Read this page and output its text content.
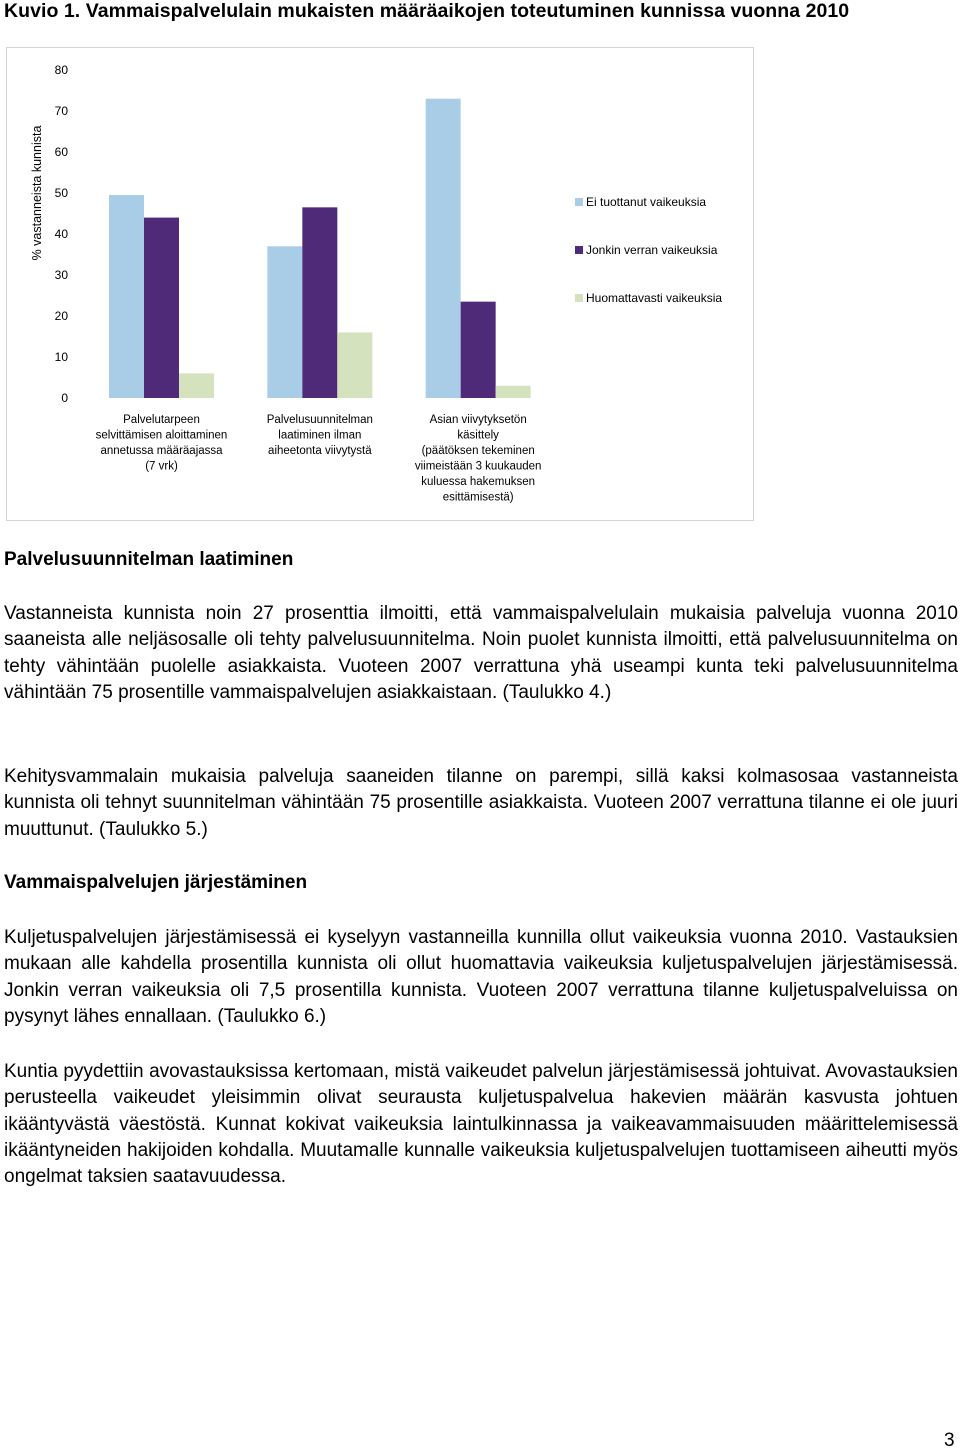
Kuvio 1. Vammaispalvelulain mukaisten määräaikojen toteutuminen kunnissa vuonna 2010
0
10
20
30
40
50
60
70
80
% vastanneista kunnista
Palvelutarpeen selvittämisen aloittaminen annetussa määräajassa (7 vrk)
Palvelusuunnitelman laatiminen ilman aiheetonta viivytystä
Asian viivytyksetön käsittely (päätöksen tekeminen viimeistään 3 kuukauden kuluessa hakemuksen esittämisestä)
Ei tuottanut vaikeuksia
Jonkin verran vaikeuksia
Huomattavasti vaikeuksia
Palvelusuunnitelman laatiminen

Vastanneista kunnista noin 27 prosenttia ilmoitti, että vammaispalvelulain mukaisia palveluja vuonna 2010 saaneista alle neljäsosalle oli tehty palvelusuunnitelma. Noin puolet kunnista ilmoitti, että palvelusuunnitelma on tehty vähintään puolelle asiakkaista. Vuoteen 2007 verrattuna yhä useampi kunta teki palvelusuunnitelma vähintään 75 prosentille vammaispalvelujen asiakkaistaan. (Taulukko 4.)

Kehitysvammalain mukaisia palveluja saaneiden tilanne on parempi, sillä kaksi kolmasosaa vastanneista kunnista oli tehnyt suunnitelman vähintään 75 prosentille asiakkaista. Vuoteen 2007 verrattuna tilanne ei ole juuri muuttunut. (Taulukko 5.)

Vammaispalvelujen järjestäminen

Kuljetuspalvelujen järjestämisessä ei kyselyyn vastanneilla kunnilla ollut vaikeuksia vuonna 2010. Vastauksien mukaan alle kahdella prosentilla kunnista oli ollut huomattavia vaikeuksia kuljetuspalvelujen järjestämisessä. Jonkin verran vaikeuksia oli 7,5 prosentilla kunnista. Vuoteen 2007 verrattuna tilanne kuljetuspalveluissa on pysynyt lähes ennallaan. (Taulukko 6.)

Kuntia pyydettiin avovastauksissa kertomaan, mistä vaikeudet palvelun järjestämisessä johtuivat. Avovastauksien perusteella vaikeudet yleisimmin olivat seurausta kuljetuspalvelua hakevien määrän kasvusta johtuen ikääntyvästä väestöstä. Kunnat kokivat vaikeuksia laintulkinnassa ja vaikeavammaisuuden määrittelemisessä ikääntyneiden hakijoiden kohdalla. Muutamalle kunnalle vaikeuksia kuljetuspalvelujen tuottamiseen aiheutti myös ongelmat taksien saatavuudessa.

3
